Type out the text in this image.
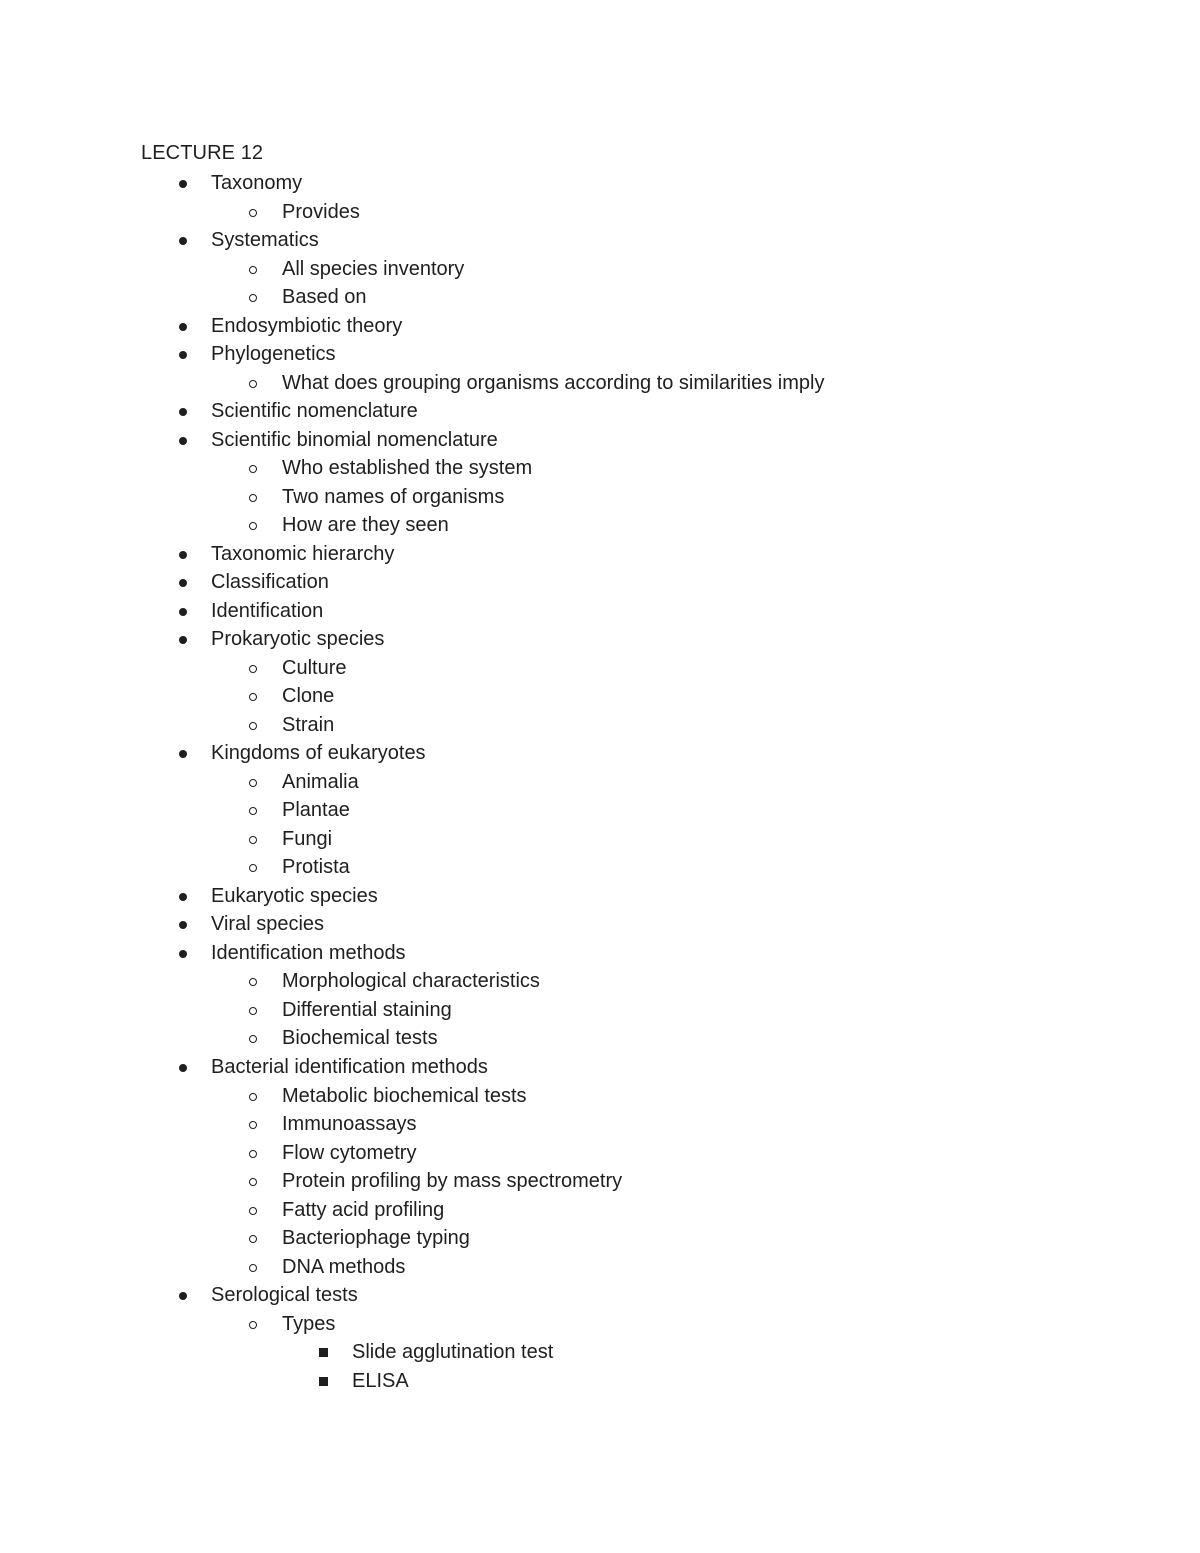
LECTURE 12
Taxonomy
Provides
Systematics
All species inventory
Based on
Endosymbiotic theory
Phylogenetics
What does grouping organisms according to similarities imply
Scientific nomenclature
Scientific binomial nomenclature
Who established the system
Two names of organisms
How are they seen
Taxonomic hierarchy
Classification
Identification
Prokaryotic species
Culture
Clone
Strain
Kingdoms of eukaryotes
Animalia
Plantae
Fungi
Protista
Eukaryotic species
Viral species
Identification methods
Morphological characteristics
Differential staining
Biochemical tests
Bacterial identification methods
Metabolic biochemical tests
Immunoassays
Flow cytometry
Protein profiling by mass spectrometry
Fatty acid profiling
Bacteriophage typing
DNA methods
Serological tests
Types
Slide agglutination test
ELISA
